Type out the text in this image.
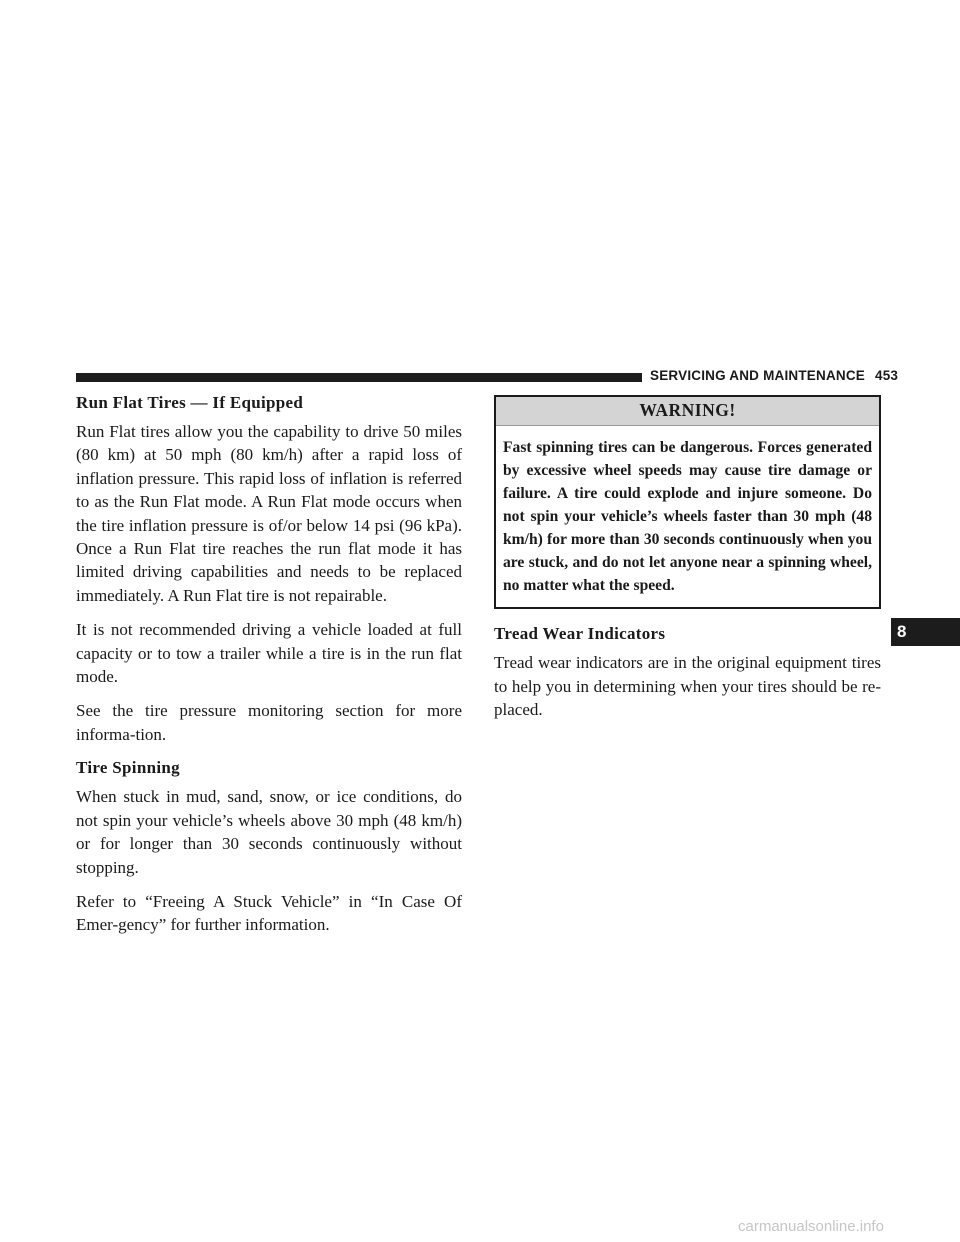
SERVICING AND MAINTENANCE 453
Run Flat Tires — If Equipped

Run Flat tires allow you the capability to drive 50 miles (80 km) at 50 mph (80 km/h) after a rapid loss of inflation pressure. This rapid loss of inflation is referred to as the Run Flat mode. A Run Flat mode occurs when the tire inflation pressure is of/or below 14 psi (96 kPa). Once a Run Flat tire reaches the run flat mode it has limited driving capabilities and needs to be replaced immediately. A Run Flat tire is not repairable.

It is not recommended driving a vehicle loaded at full capacity or to tow a trailer while a tire is in the run flat mode.

See the tire pressure monitoring section for more informa-tion.

Tire Spinning

When stuck in mud, sand, snow, or ice conditions, do not spin your vehicle’s wheels above 30 mph (48 km/h) or for longer than 30 seconds continuously without stopping.

Refer to “Freeing A Stuck Vehicle” in “In Case Of Emer-gency” for further information.

WARNING!

Fast spinning tires can be dangerous. Forces generated by excessive wheel speeds may cause tire damage or failure. A tire could explode and injure someone. Do not spin your vehicle’s wheels faster than 30 mph (48 km/h) for more than 30 seconds continuously when you are stuck, and do not let anyone near a spinning wheel, no matter what the speed.

Tread Wear Indicators

Tread wear indicators are in the original equipment tires to help you in determining when your tires should be re-placed.

8
carmanualsonline.info
